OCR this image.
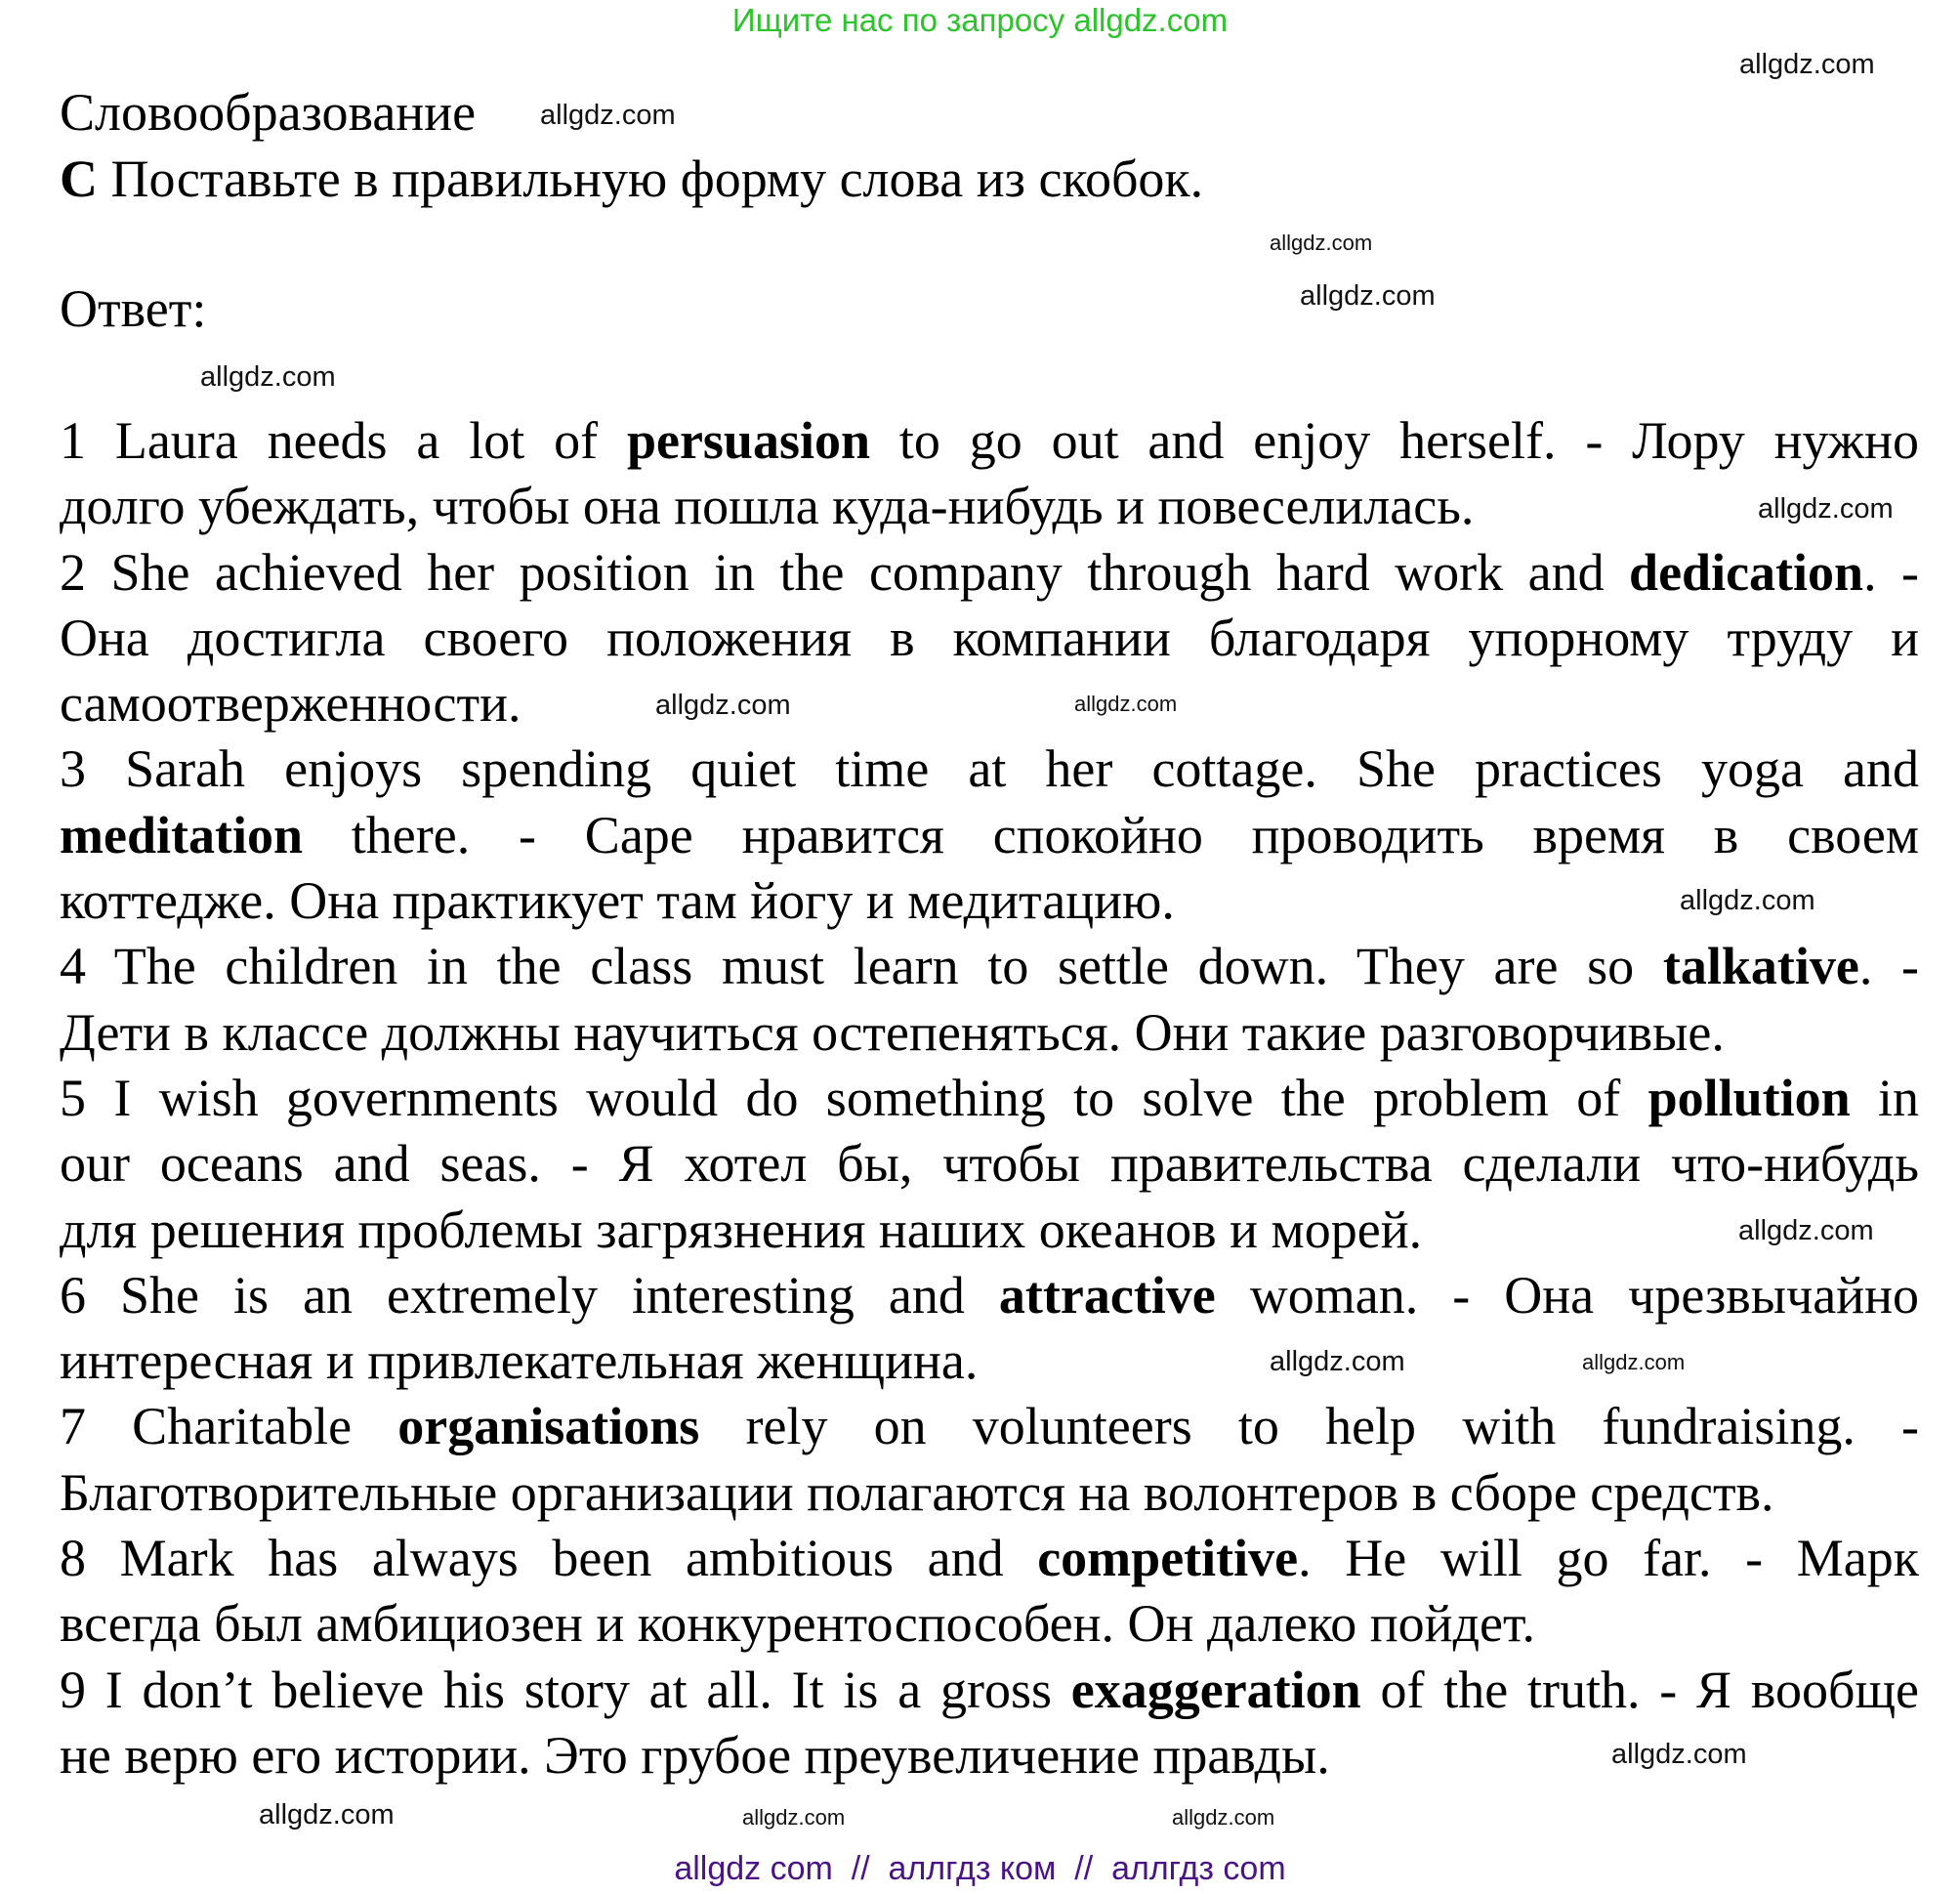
Ищите нас по запросу allgdz.com
Словообразование
С Поставьте в правильную форму слова из скобок.
Ответ:
1 Laura needs a lot of persuasion to go out and enjoy herself. - Лору нужно
долго убеждать, чтобы она пошла куда-нибудь и повеселилась.
2 She achieved her position in the company through hard work and dedication. -
Она достигла своего положения в компании благодаря упорному труду и
самоотверженности.
3 Sarah enjoys spending quiet time at her cottage. She practices yoga and
meditation there. - Саре нравится спокойно проводить время в своем
коттедже. Она практикует там йогу и медитацию.
4 The children in the class must learn to settle down. They are so talkative. -
Дети в классе должны научиться остепеняться. Они такие разговорчивые.
5 I wish governments would do something to solve the problem of pollution in
our oceans and seas. - Я хотел бы, чтобы правительства сделали что-нибудь
для решения проблемы загрязнения наших океанов и морей.
6 She is an extremely interesting and attractive woman. - Она чрезвычайно
интересная и привлекательная женщина.
7 Charitable organisations rely on volunteers to help with fundraising. -
Благотворительные организации полагаются на волонтеров в сборе средств.
8 Mark has always been ambitious and competitive. He will go far. - Марк
всегда был амбициозен и конкурентоспособен. Он далеко пойдет.
9 I don’t believe his story at all. It is a gross exaggeration of the truth. - Я вообще
не верю его истории. Это грубое преувеличение правды.
allgdz.com
allgdz.com
allgdz.com
allgdz.com
allgdz.com
allgdz.com	allgdz.com
allgdz.com
allgdz.com
allgdz.com
allgdz.com
allgdz.com
allgdz.com	allgdz.com
allgdz.com
allgdz.com
allgdz com  //  аллгдз ком  //  аллгдз com
